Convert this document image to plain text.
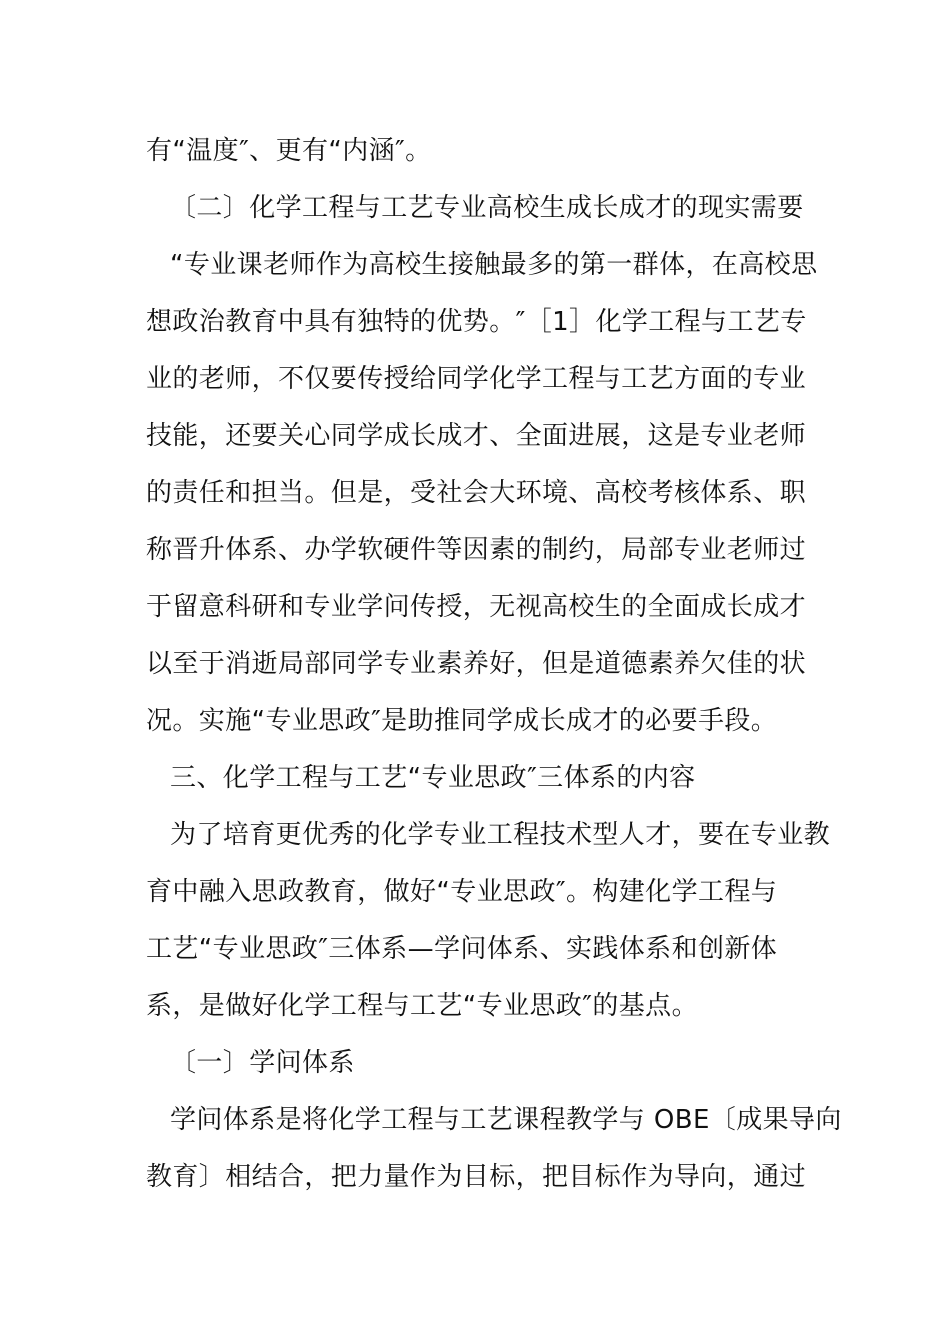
有“温度″、更有“内涵″。
〔二〕化学工程与工艺专业高校生成长成才的现实需要
“专业课老师作为高校生接触最多的第一群体，在高校思
想政治教育中具有独特的优势。″［1］化学工程与工艺专
业的老师，不仅要传授给同学化学工程与工艺方面的专业
技能，还要关心同学成长成才、全面进展，这是专业老师
的责任和担当。但是，受社会大环境、高校考核体系、职
称晋升体系、办学软硬件等因素的制约，局部专业老师过
于留意科研和专业学问传授，无视高校生的全面成长成才
以至于消逝局部同学专业素养好，但是道德素养欠佳的状
况。实施“专业思政″是助推同学成长成才的必要手段。
三、化学工程与工艺“专业思政″三体系的内容
为了培育更优秀的化学专业工程技术型人才，要在专业教
育中融入思政教育，做好“专业思政″。构建化学工程与
工艺“专业思政″三体系—学问体系、实践体系和创新体
系，是做好化学工程与工艺“专业思政″的基点。
〔一〕学问体系
学问体系是将化学工程与工艺课程教学与 OBE〔成果导向
教育〕相结合，把力量作为目标，把目标作为导向，通过
